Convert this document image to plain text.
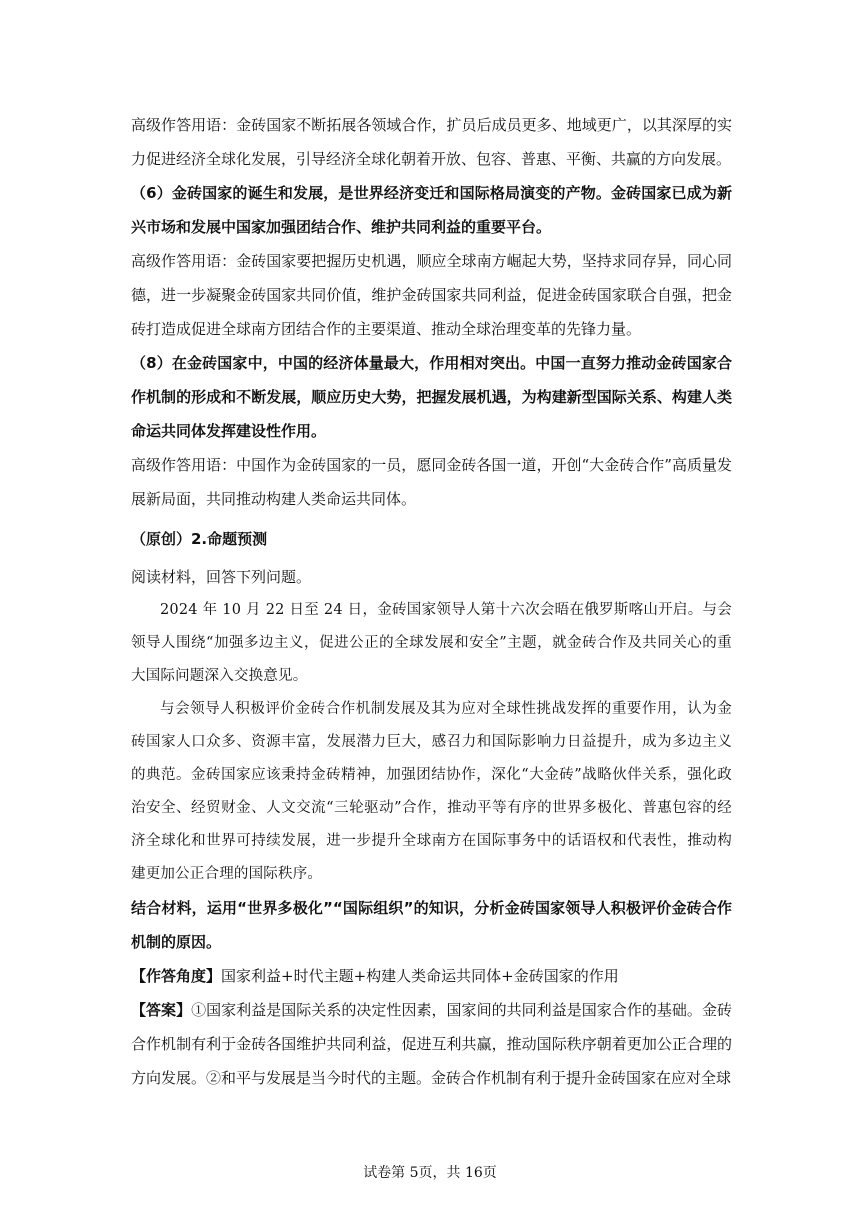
高级作答用语：金砖国家不断拓展各领域合作，扩员后成员更多、地域更广，以其深厚的实力促进经济全球化发展，引导经济全球化朝着开放、包容、普惠、平衡、共赢的方向发展。

（6）金砖国家的诞生和发展，是世界经济变迁和国际格局演变的产物。金砖国家已成为新兴市场和发展中国家加强团结合作、维护共同利益的重要平台。

高级作答用语：金砖国家要把握历史机遇，顺应全球南方崛起大势，坚持求同存异，同心同德，进一步凝聚金砖国家共同价值，维护金砖国家共同利益，促进金砖国家联合自强，把金砖打造成促进全球南方团结合作的主要渠道、推动全球治理变革的先锋力量。

（8）在金砖国家中，中国的经济体量最大，作用相对突出。中国一直努力推动金砖国家合作机制的形成和不断发展，顺应历史大势，把握发展机遇，为构建新型国际关系、构建人类命运共同体发挥建设性作用。

高级作答用语：中国作为金砖国家的一员，愿同金砖各国一道，开创“大金砖合作”高质量发展新局面，共同推动构建人类命运共同体。

（原创）2.命题预测

阅读材料，回答下列问题。

2024 年 10 月 22 日至 24 日，金砖国家领导人第十六次会晤在俄罗斯喀山开启。与会领导人围绕“加强多边主义，促进公正的全球发展和安全”主题，就金砖合作及共同关心的重大国际问题深入交换意见。

与会领导人积极评价金砖合作机制发展及其为应对全球性挑战发挥的重要作用，认为金砖国家人口众多、资源丰富，发展潜力巨大，感召力和国际影响力日益提升，成为多边主义的典范。金砖国家应该秉持金砖精神，加强团结协作，深化“大金砖”战略伙伴关系，强化政治安全、经贸财金、人文交流“三轮驱动”合作，推动平等有序的世界多极化、普惠包容的经济全球化和世界可持续发展，进一步提升全球南方在国际事务中的话语权和代表性，推动构建更加公正合理的国际秩序。

结合材料，运用“世界多极化”“国际组织”的知识，分析金砖国家领导人积极评价金砖合作机制的原因。

【作答角度】国家利益+时代主题+构建人类命运共同体+金砖国家的作用

【答案】①国家利益是国际关系的决定性因素，国家间的共同利益是国家合作的基础。金砖合作机制有利于金砖各国维护共同利益，促进互利共赢，推动国际秩序朝着更加公正合理的方向发展。②和平与发展是当今时代的主题。金砖合作机制有利于提升金砖国家在应对全球

试卷第 5页，共 16页
